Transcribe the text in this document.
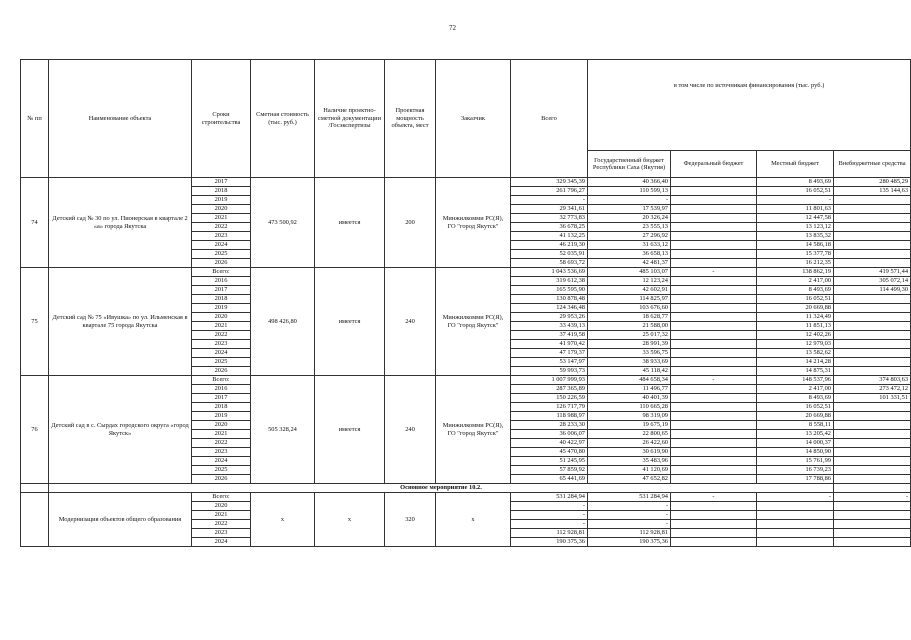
72
№ пп	Наименование объекта	Сроки строительства	Сметная стоимость (тыс. руб.)	Наличие проектно-сметной документации /Госэкспертизы	Проектная мощность объекта, мест	Заказчик	Всего	в том числе по источникам финансирования (тыс. руб.)			
								Государственный бюджет Республики Саха (Якутия)	Федеральный бюджет	Местный бюджет	Внебюджетные средства
74	Детский сад № 30 по ул. Пионерская в квартале 2 «а» города Якутска	2017	473 500,92	имеется	200	Минжилкомми РС(Я), ГО "город Якутск"	329 345,39	40 366,40		8 493,69	280 485,29
		2018					261 796,27	110 599,13		16 052,51	135 144,63
		2019					-	-		-	
		2020					29 341,61	17 539,97		11 801,63	
		2021					32 773,83	20 326,24		12 447,58	
		2022					36 678,25	23 555,13		13 123,12	
		2023					41 132,25	27 296,92		13 835,32	
		2024					46 219,30	31 633,12		14 586,18	
		2025					52 035,91	36 658,13		15 377,78	
		2026					58 693,72	42 481,37		16 212,35	
75	Детский сад № 75 «Ивушка» по ул. Ильменская в квартале 75 города Якутска	Всего:	498 426,80	имеется	240	Минжилкомми РС(Я), ГО "город Якутск"	1 043 536,69	485 103,07	-	138 862,19	419 571,44
		2016					319 612,38	12 123,24		2 417,00	305 072,14
		2017					165 595,90	42 602,91		8 493,69	114 499,30
		2018					130 878,48	114 825,97		16 052,51	
		2019					124 346,48	103 676,60		20 669,88	
		2020					29 953,26	18 628,77		11 324,49	
		2021					33 439,13	21 588,00		11 851,13	
		2022					37 419,58	25 017,32		12 402,26	
		2023					41 970,42	28 991,39		12 979,03	
		2024					47 179,37	33 596,75		13 582,62	
		2025					53 147,97	38 933,69		14 214,28	
		2026					59 993,73	45 118,42		14 875,31	
76	Детский сад в с. Сырдах городского округа «город Якутск»	Всего:	505 328,24	имеется	240	Минжилкомми РС(Я), ГО "город Якутск"	1 007 999,93	484 658,34	-	148 537,96	374 803,63
		2016					287 365,89	11 496,77		2 417,00	273 472,12
		2017					150 226,59	40 401,39		8 493,69	101 331,51
		2018					126 717,79	110 665,28		16 052,51	
		2019					118 988,97	98 319,09		20 669,88	
		2020					28 233,30	19 675,19		8 558,11	
		2021					36 006,07	22 800,65		13 205,42	
		2022					40 422,97	26 422,60		14 000,37	
		2023					45 470,80	30 619,90		14 850,90	
		2024					51 245,95	35 483,96		15 761,99	
		2025					57 859,92	41 120,69		16 739,23	
		2026					65 441,69	47 652,82		17 788,86	
	Основное мероприятие 10.2.										
	Модернизация объектов общего образования	Всего:	х	х	320	х	531 284,94	531 284,94	-	-	-
		2020					-	-			
		2021					-	-			
		2022					-	-			
		2023					112 928,81	112 928,81			
		2024					190 375,36	190 375,36			
